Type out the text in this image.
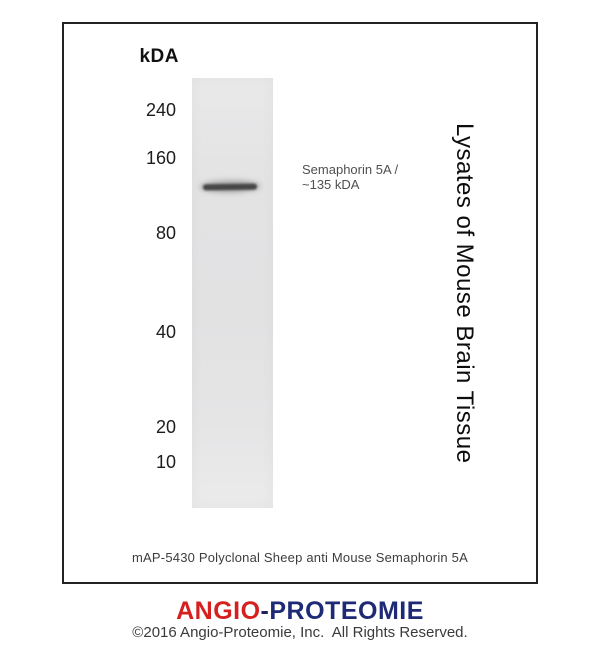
kDA
240
160
80
40
20
10
Semaphorin 5A /
~135 kDA	Lysates of Mouse Brain Tissue
mAP-5430 Polyclonal Sheep anti Mouse Semaphorin 5A
ANGIO-PROTEOMIE
©2016 Angio-Proteomie, Inc.  All Rights Reserved.
